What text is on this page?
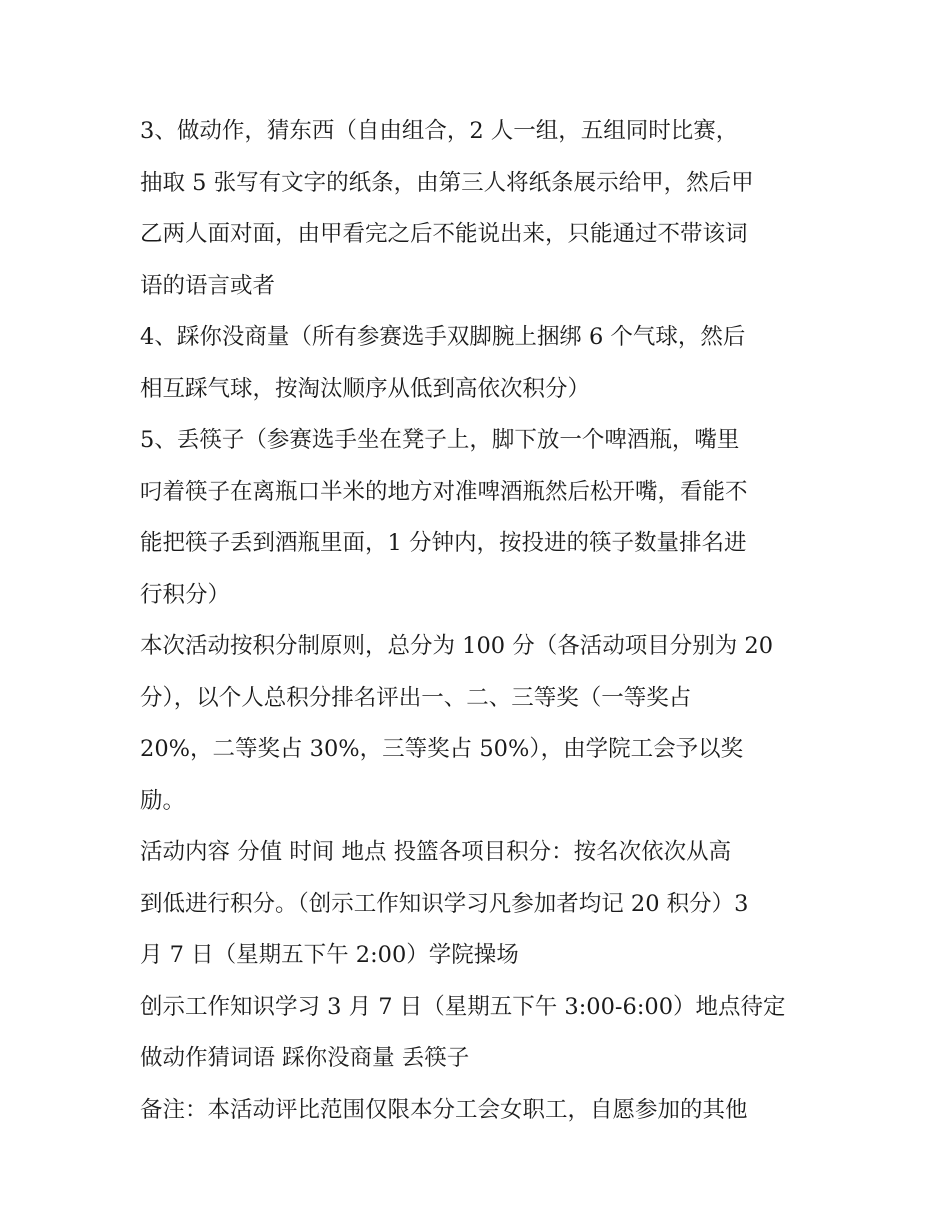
3、做动作，猜东西（自由组合，2 人一组，五组同时比赛，
抽取 5 张写有文字的纸条，由第三人将纸条展示给甲，然后甲
乙两人面对面，由甲看完之后不能说出来，只能通过不带该词
语的语言或者

4、踩你没商量（所有参赛选手双脚腕上捆绑 6 个气球，然后
相互踩气球，按淘汰顺序从低到高依次积分）

5、丢筷子（参赛选手坐在凳子上，脚下放一个啤酒瓶，嘴里
叼着筷子在离瓶口半米的地方对准啤酒瓶然后松开嘴，看能不
能把筷子丢到酒瓶里面，1 分钟内，按投进的筷子数量排名进
行积分）

本次活动按积分制原则，总分为 100 分（各活动项目分别为 20
分），以个人总积分排名评出一、二、三等奖（一等奖占
20%，二等奖占 30%，三等奖占 50%），由学院工会予以奖
励。

活动内容 分值 时间 地点 投篮各项目积分：按名次依次从高
到低进行积分。（创示工作知识学习凡参加者均记 20 积分）3
月 7 日（星期五下午 2:00）学院操场

创示工作知识学习 3 月 7 日（星期五下午 3:00-6:00）地点待定

做动作猜词语 踩你没商量 丢筷子

备注：本活动评比范围仅限本分工会女职工，自愿参加的其他
